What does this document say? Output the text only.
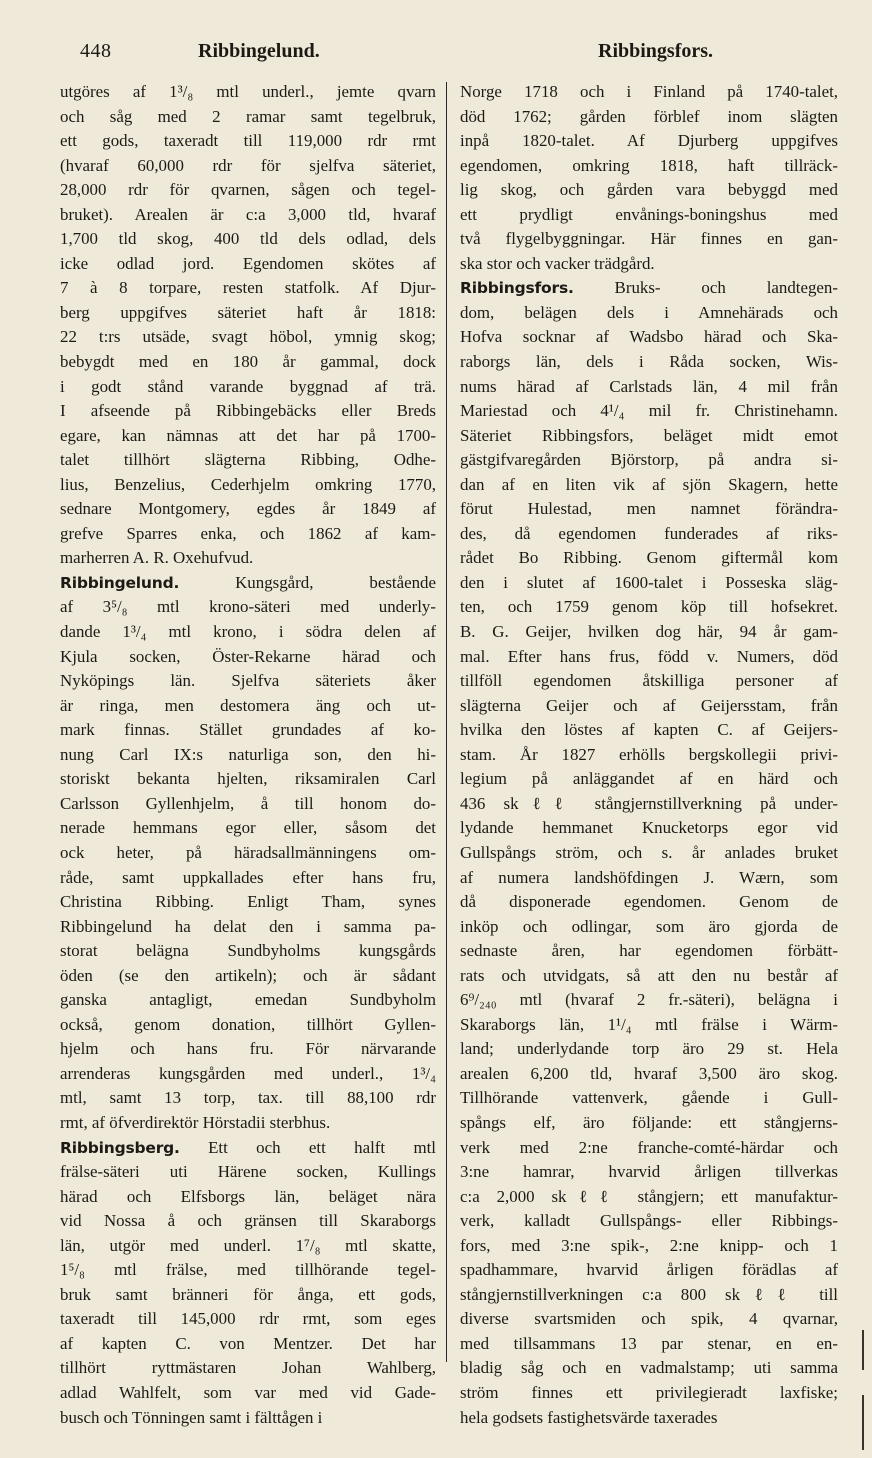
448	Ribbingelund.	Ribbingsfors.
utgöres af 1³/₈ mtl underl., jemte qvarn
och såg med 2 ramar samt tegelbruk,
ett gods, taxeradt till 119,000 rdr rmt
(hvaraf 60,000 rdr för sjelfva säteriet,
28,000 rdr för qvarnen, sågen och tegel-
bruket). Arealen är c:a 3,000 tld, hvaraf
1,700 tld skog, 400 tld dels odlad, dels
icke odlad jord. Egendomen skötes af
7 à 8 torpare, resten statfolk. Af Djur-
berg uppgifves säteriet haft år 1818:
22 t:rs utsäde, svagt höbol, ymnig skog;
bebygdt med en 180 år gammal, dock
i godt stånd varande byggnad af trä.
I afseende på Ribbingebäcks eller Breds
egare, kan nämnas att det har på 1700-
talet tillhört slägterna Ribbing, Odhe-
lius, Benzelius, Cederhjelm omkring 1770,
sednare Montgomery, egdes år 1849 af
grefve Sparres enka, och 1862 af kam-
marherren A. R. Oxehufvud.
Ribbingelund. Kungsgård, bestående
af 3⁵/₈ mtl krono-säteri med underly-
dande 1³/₄ mtl krono, i södra delen af
Kjula socken, Öster-Rekarne härad och
Nyköpings län. Sjelfva säteriets åker
är ringa, men destomera äng och ut-
mark finnas. Stället grundades af ko-
nung Carl IX:s naturliga son, den hi-
storiskt bekanta hjelten, riksamiralen Carl
Carlsson Gyllenhjelm, å till honom do-
nerade hemmans egor eller, såsom det
ock heter, på häradsallmänningens om-
råde, samt uppkallades efter hans fru,
Christina Ribbing. Enligt Tham, synes
Ribbingelund ha delat den i samma pa-
storat belägna Sundbyholms kungsgårds
öden (se den artikeln); och är sådant
ganska antagligt, emedan Sundbyholm
också, genom donation, tillhört Gyllen-
hjelm och hans fru. För närvarande
arrenderas kungsgården med underl., 1³/₄
mtl, samt 13 torp, tax. till 88,100 rdr
rmt, af öfverdirektör Hörstadii sterbhus.
Ribbingsberg. Ett och ett halft mtl
frälse-säteri uti Härene socken, Kullings
härad och Elfsborgs län, beläget nära
vid Nossa å och gränsen till Skaraborgs
län, utgör med underl. 1⁷/₈ mtl skatte,
1⁵/₈ mtl frälse, med tillhörande tegel-
bruk samt bränneri för ånga, ett gods,
taxeradt till 145,000 rdr rmt, som eges
af kapten C. von Mentzer. Det har
tillhört ryttmästaren Johan Wahlberg,
adlad Wahlfelt, som var med vid Gade-
busch och Tönningen samt i fälttågen i
Norge 1718 och i Finland på 1740-talet,
död 1762; gården förblef inom slägten
inpå 1820-talet. Af Djurberg uppgifves
egendomen, omkring 1818, haft tillräck-
lig skog, och gården vara bebyggd med
ett prydligt envånings-boningshus med
två flygelbyggningar. Här finnes en gan-
ska stor och vacker trädgård.
Ribbingsfors. Bruks- och landtegen-
dom, belägen dels i Amnehärads och
Hofva socknar af Wadsbo härad och Ska-
raborgs län, dels i Råda socken, Wis-
nums härad af Carlstads län, 4 mil från
Mariestad och 4¹/₄ mil fr. Christinehamn.
Säteriet Ribbingsfors, beläget midt emot
gästgifvaregården Björstorp, på andra si-
dan af en liten vik af sjön Skagern, hette
förut Hulestad, men namnet förändra-
des, då egendomen funderades af riks-
rådet Bo Ribbing. Genom giftermål kom
den i slutet af 1600-talet i Posseska släg-
ten, och 1759 genom köp till hofsekret.
B. G. Geijer, hvilken dog här, 94 år gam-
mal. Efter hans frus, född v. Numers, död
tillföll egendomen åtskilliga personer af
slägterna Geijer och af Geijersstam, från
hvilka den löstes af kapten C. af Geijers-
stam. År 1827 erhölls bergskollegii privi-
legium på anläggandet af en härd och
436 skℓℓ stångjernstillverkning på under-
lydande hemmanet Knucketorps egor vid
Gullspångs ström, och s. år anlades bruket
af numera landshöfdingen J. Wærn, som
då disponerade egendomen. Genom de
inköp och odlingar, som äro gjorda de
sednaste åren, har egendomen förbätt-
rats och utvidgats, så att den nu består af
6⁹/₂₄₀ mtl (hvaraf 2 fr.-säteri), belägna i
Skaraborgs län, 1¹/₄ mtl frälse i Wärm-
land; underlydande torp äro 29 st. Hela
arealen 6,200 tld, hvaraf 3,500 äro skog.
Tillhörande vattenverk, gående i Gull-
spångs elf, äro följande: ett stångjerns-
verk med 2:ne franche-comté-härdar och
3:ne hamrar, hvarvid årligen tillverkas
c:a 2,000 skℓℓ stångjern; ett manufaktur-
verk, kalladt Gullspångs- eller Ribbings-
fors, med 3:ne spik-, 2:ne knipp- och 1
spadhammare, hvarvid årligen förädlas af
stångjernstillverkningen c:a 800 skℓℓ till
diverse svartsmiden och spik, 4 qvarnar,
med tillsammans 13 par stenar, en en-
bladig såg och en vadmalstamp; uti samma
ström finnes ett privilegieradt laxfiske;
hela godsets fastighetsvärde taxerades
